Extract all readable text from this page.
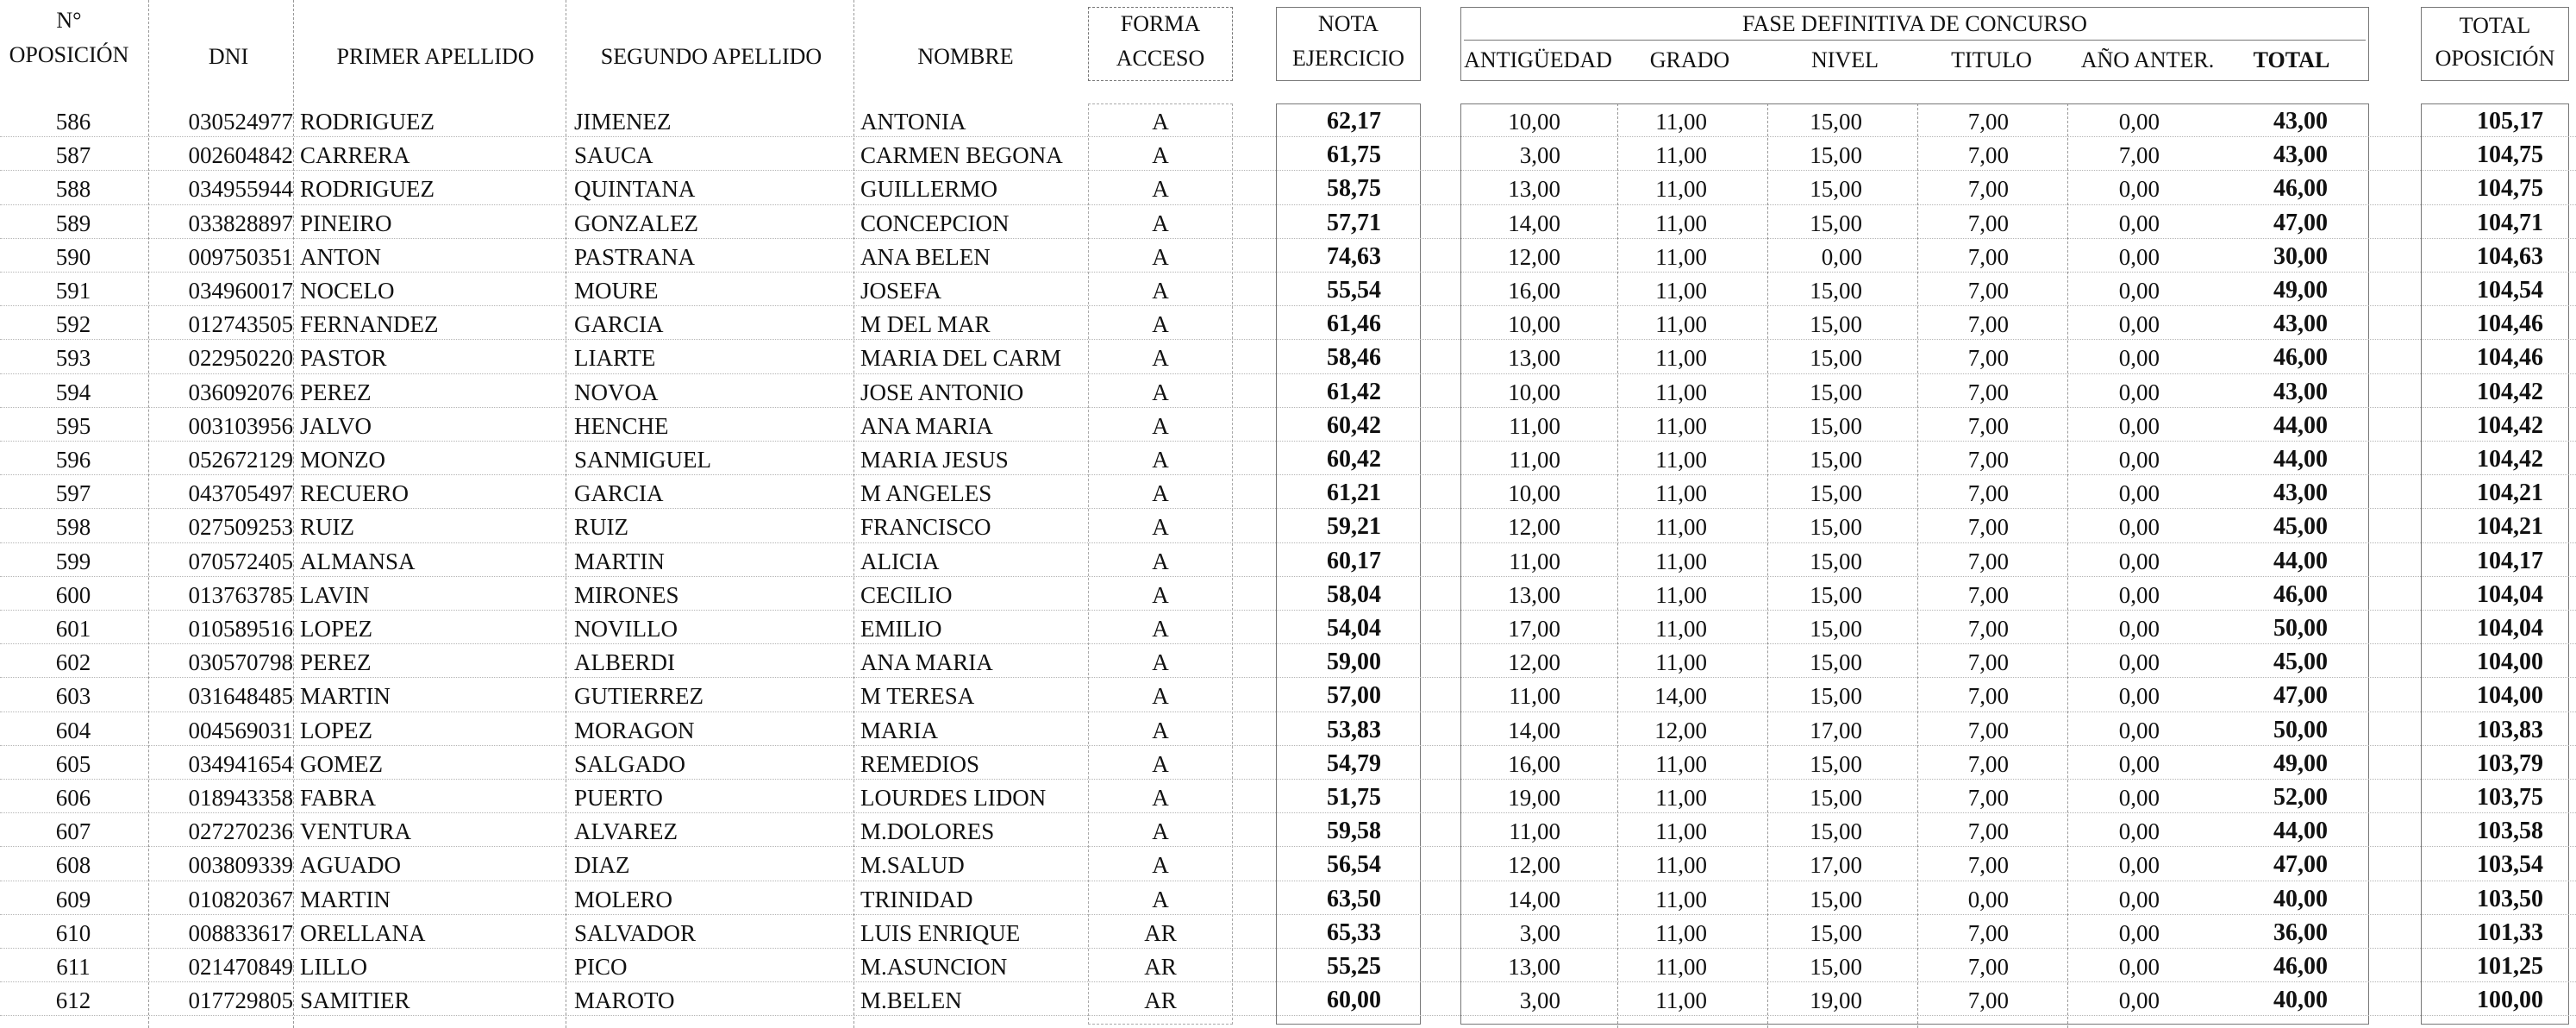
N°
OPOSICIÓN	DNI	PRIMER APELLIDO	SEGUNDO APELLIDO	NOMBRE
FORMA
ACCESO
NOTA
EJERCICIO
FASE DEFINITIVA DE CONCURSO
ANTIGÜEDAD	GRADO	NIVEL	TITULO	AÑO ANTER.	TOTAL
TOTAL
OPOSICIÓN
586	030524977 RODRIGUEZ	JIMENEZ	ANTONIA	A	62,17	10,00	11,00	15,00	7,00	0,00	43,00	105,17
587	002604842 CARRERA	SAUCA	CARMEN BEGONA	A	61,75	3,00	11,00	15,00	7,00	7,00	43,00	104,75
588	034955944 RODRIGUEZ	QUINTANA	GUILLERMO	A	58,75	13,00	11,00	15,00	7,00	0,00	46,00	104,75
589	033828897 PINEIRO	GONZALEZ	CONCEPCION	A	57,71	14,00	11,00	15,00	7,00	0,00	47,00	104,71
590	009750351 ANTON	PASTRANA	ANA BELEN	A	74,63	12,00	11,00	0,00	7,00	0,00	30,00	104,63
591	034960017 NOCELO	MOURE	JOSEFA	A	55,54	16,00	11,00	15,00	7,00	0,00	49,00	104,54
592	012743505 FERNANDEZ	GARCIA	M DEL MAR	A	61,46	10,00	11,00	15,00	7,00	0,00	43,00	104,46
593	022950220 PASTOR	LIARTE	MARIA DEL CARM	A	58,46	13,00	11,00	15,00	7,00	0,00	46,00	104,46
594	036092076 PEREZ	NOVOA	JOSE ANTONIO	A	61,42	10,00	11,00	15,00	7,00	0,00	43,00	104,42
595	003103956 JALVO	HENCHE	ANA MARIA	A	60,42	11,00	11,00	15,00	7,00	0,00	44,00	104,42
596	052672129 MONZO	SANMIGUEL	MARIA JESUS	A	60,42	11,00	11,00	15,00	7,00	0,00	44,00	104,42
597	043705497 RECUERO	GARCIA	M ANGELES	A	61,21	10,00	11,00	15,00	7,00	0,00	43,00	104,21
598	027509253 RUIZ	RUIZ	FRANCISCO	A	59,21	12,00	11,00	15,00	7,00	0,00	45,00	104,21
599	070572405 ALMANSA	MARTIN	ALICIA	A	60,17	11,00	11,00	15,00	7,00	0,00	44,00	104,17
600	013763785 LAVIN	MIRONES	CECILIO	A	58,04	13,00	11,00	15,00	7,00	0,00	46,00	104,04
601	010589516 LOPEZ	NOVILLO	EMILIO	A	54,04	17,00	11,00	15,00	7,00	0,00	50,00	104,04
602	030570798 PEREZ	ALBERDI	ANA MARIA	A	59,00	12,00	11,00	15,00	7,00	0,00	45,00	104,00
603	031648485 MARTIN	GUTIERREZ	M TERESA	A	57,00	11,00	14,00	15,00	7,00	0,00	47,00	104,00
604	004569031 LOPEZ	MORAGON	MARIA	A	53,83	14,00	12,00	17,00	7,00	0,00	50,00	103,83
605	034941654 GOMEZ	SALGADO	REMEDIOS	A	54,79	16,00	11,00	15,00	7,00	0,00	49,00	103,79
606	018943358 FABRA	PUERTO	LOURDES LIDON	A	51,75	19,00	11,00	15,00	7,00	0,00	52,00	103,75
607	027270236 VENTURA	ALVAREZ	M.DOLORES	A	59,58	11,00	11,00	15,00	7,00	0,00	44,00	103,58
608	003809339 AGUADO	DIAZ	M.SALUD	A	56,54	12,00	11,00	17,00	7,00	0,00	47,00	103,54
609	010820367 MARTIN	MOLERO	TRINIDAD	A	63,50	14,00	11,00	15,00	0,00	0,00	40,00	103,50
610	008833617 ORELLANA	SALVADOR	LUIS ENRIQUE	AR	65,33	3,00	11,00	15,00	7,00	0,00	36,00	101,33
611	021470849 LILLO	PICO	M.ASUNCION	AR	55,25	13,00	11,00	15,00	7,00	0,00	46,00	101,25
612	017729805 SAMITIER	MAROTO	M.BELEN	AR	60,00	3,00	11,00	19,00	7,00	0,00	40,00	100,00
